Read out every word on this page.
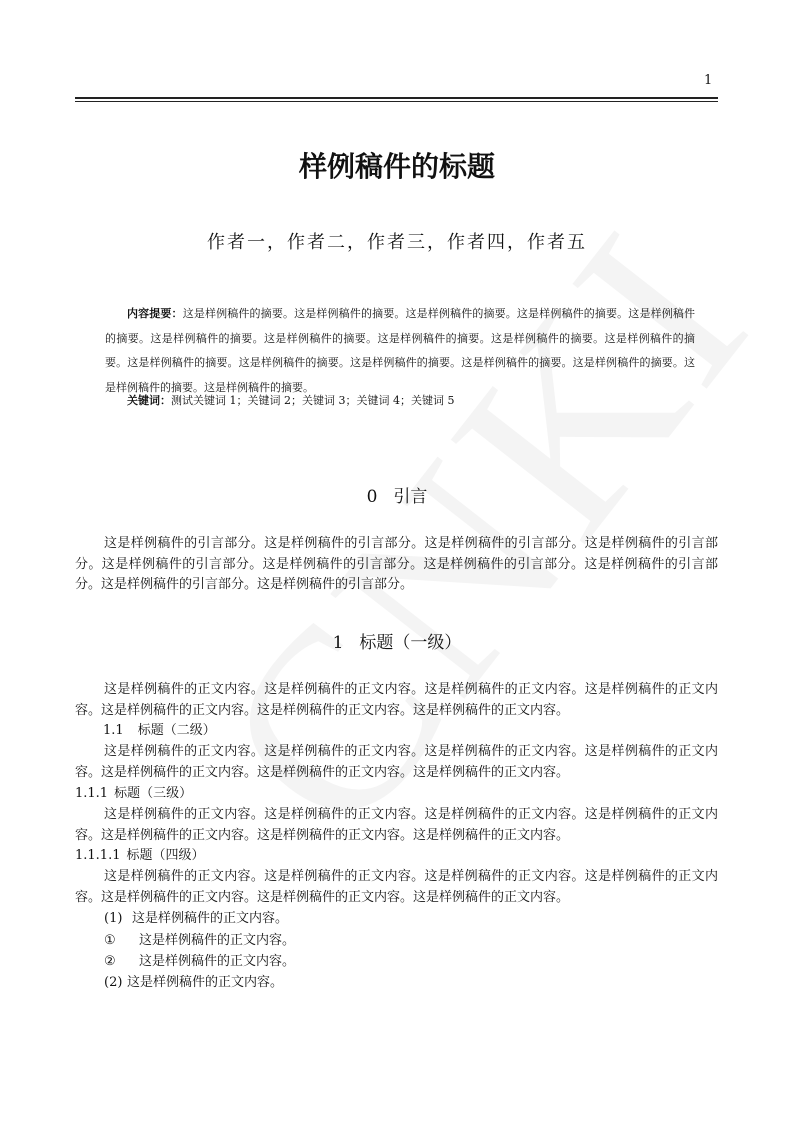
1
样例稿件的标题
作者一，作者二，作者三，作者四，作者五
内容提要：这是样例稿件的摘要。这是样例稿件的摘要。这是样例稿件的摘要。这是样例稿件的摘要。这是样例稿件的摘要。这是样例稿件的摘要。这是样例稿件的摘要。这是样例稿件的摘要。这是样例稿件的摘要。这是样例稿件的摘要。这是样例稿件的摘要。这是样例稿件的摘要。这是样例稿件的摘要。这是样例稿件的摘要。这是样例稿件的摘要。这是样例稿件的摘要。这是样例稿件的摘要。
关键词：测试关键词 1；关键词 2；关键词 3；关键词 4；关键词 5
0 引言
这是样例稿件的引言部分。这是样例稿件的引言部分。这是样例稿件的引言部分。这是样例稿件的引言部分。这是样例稿件的引言部分。这是样例稿件的引言部分。这是样例稿件的引言部分。这是样例稿件的引言部分。这是样例稿件的引言部分。这是样例稿件的引言部分。
1 标题（一级）
这是样例稿件的正文内容。这是样例稿件的正文内容。这是样例稿件的正文内容。这是样例稿件的正文内容。这是样例稿件的正文内容。这是样例稿件的正文内容。这是样例稿件的正文内容。
1.1 标题（二级）
这是样例稿件的正文内容。这是样例稿件的正文内容。这是样例稿件的正文内容。这是样例稿件的正文内容。这是样例稿件的正文内容。这是样例稿件的正文内容。这是样例稿件的正文内容。
1.1.1 标题（三级）
这是样例稿件的正文内容。这是样例稿件的正文内容。这是样例稿件的正文内容。这是样例稿件的正文内容。这是样例稿件的正文内容。这是样例稿件的正文内容。这是样例稿件的正文内容。
1.1.1.1 标题（四级）
这是样例稿件的正文内容。这是样例稿件的正文内容。这是样例稿件的正文内容。这是样例稿件的正文内容。这是样例稿件的正文内容。这是样例稿件的正文内容。这是样例稿件的正文内容。
(1) 这是样例稿件的正文内容。
① 这是样例稿件的正文内容。
② 这是样例稿件的正文内容。
(2) 这是样例稿件的正文内容。
